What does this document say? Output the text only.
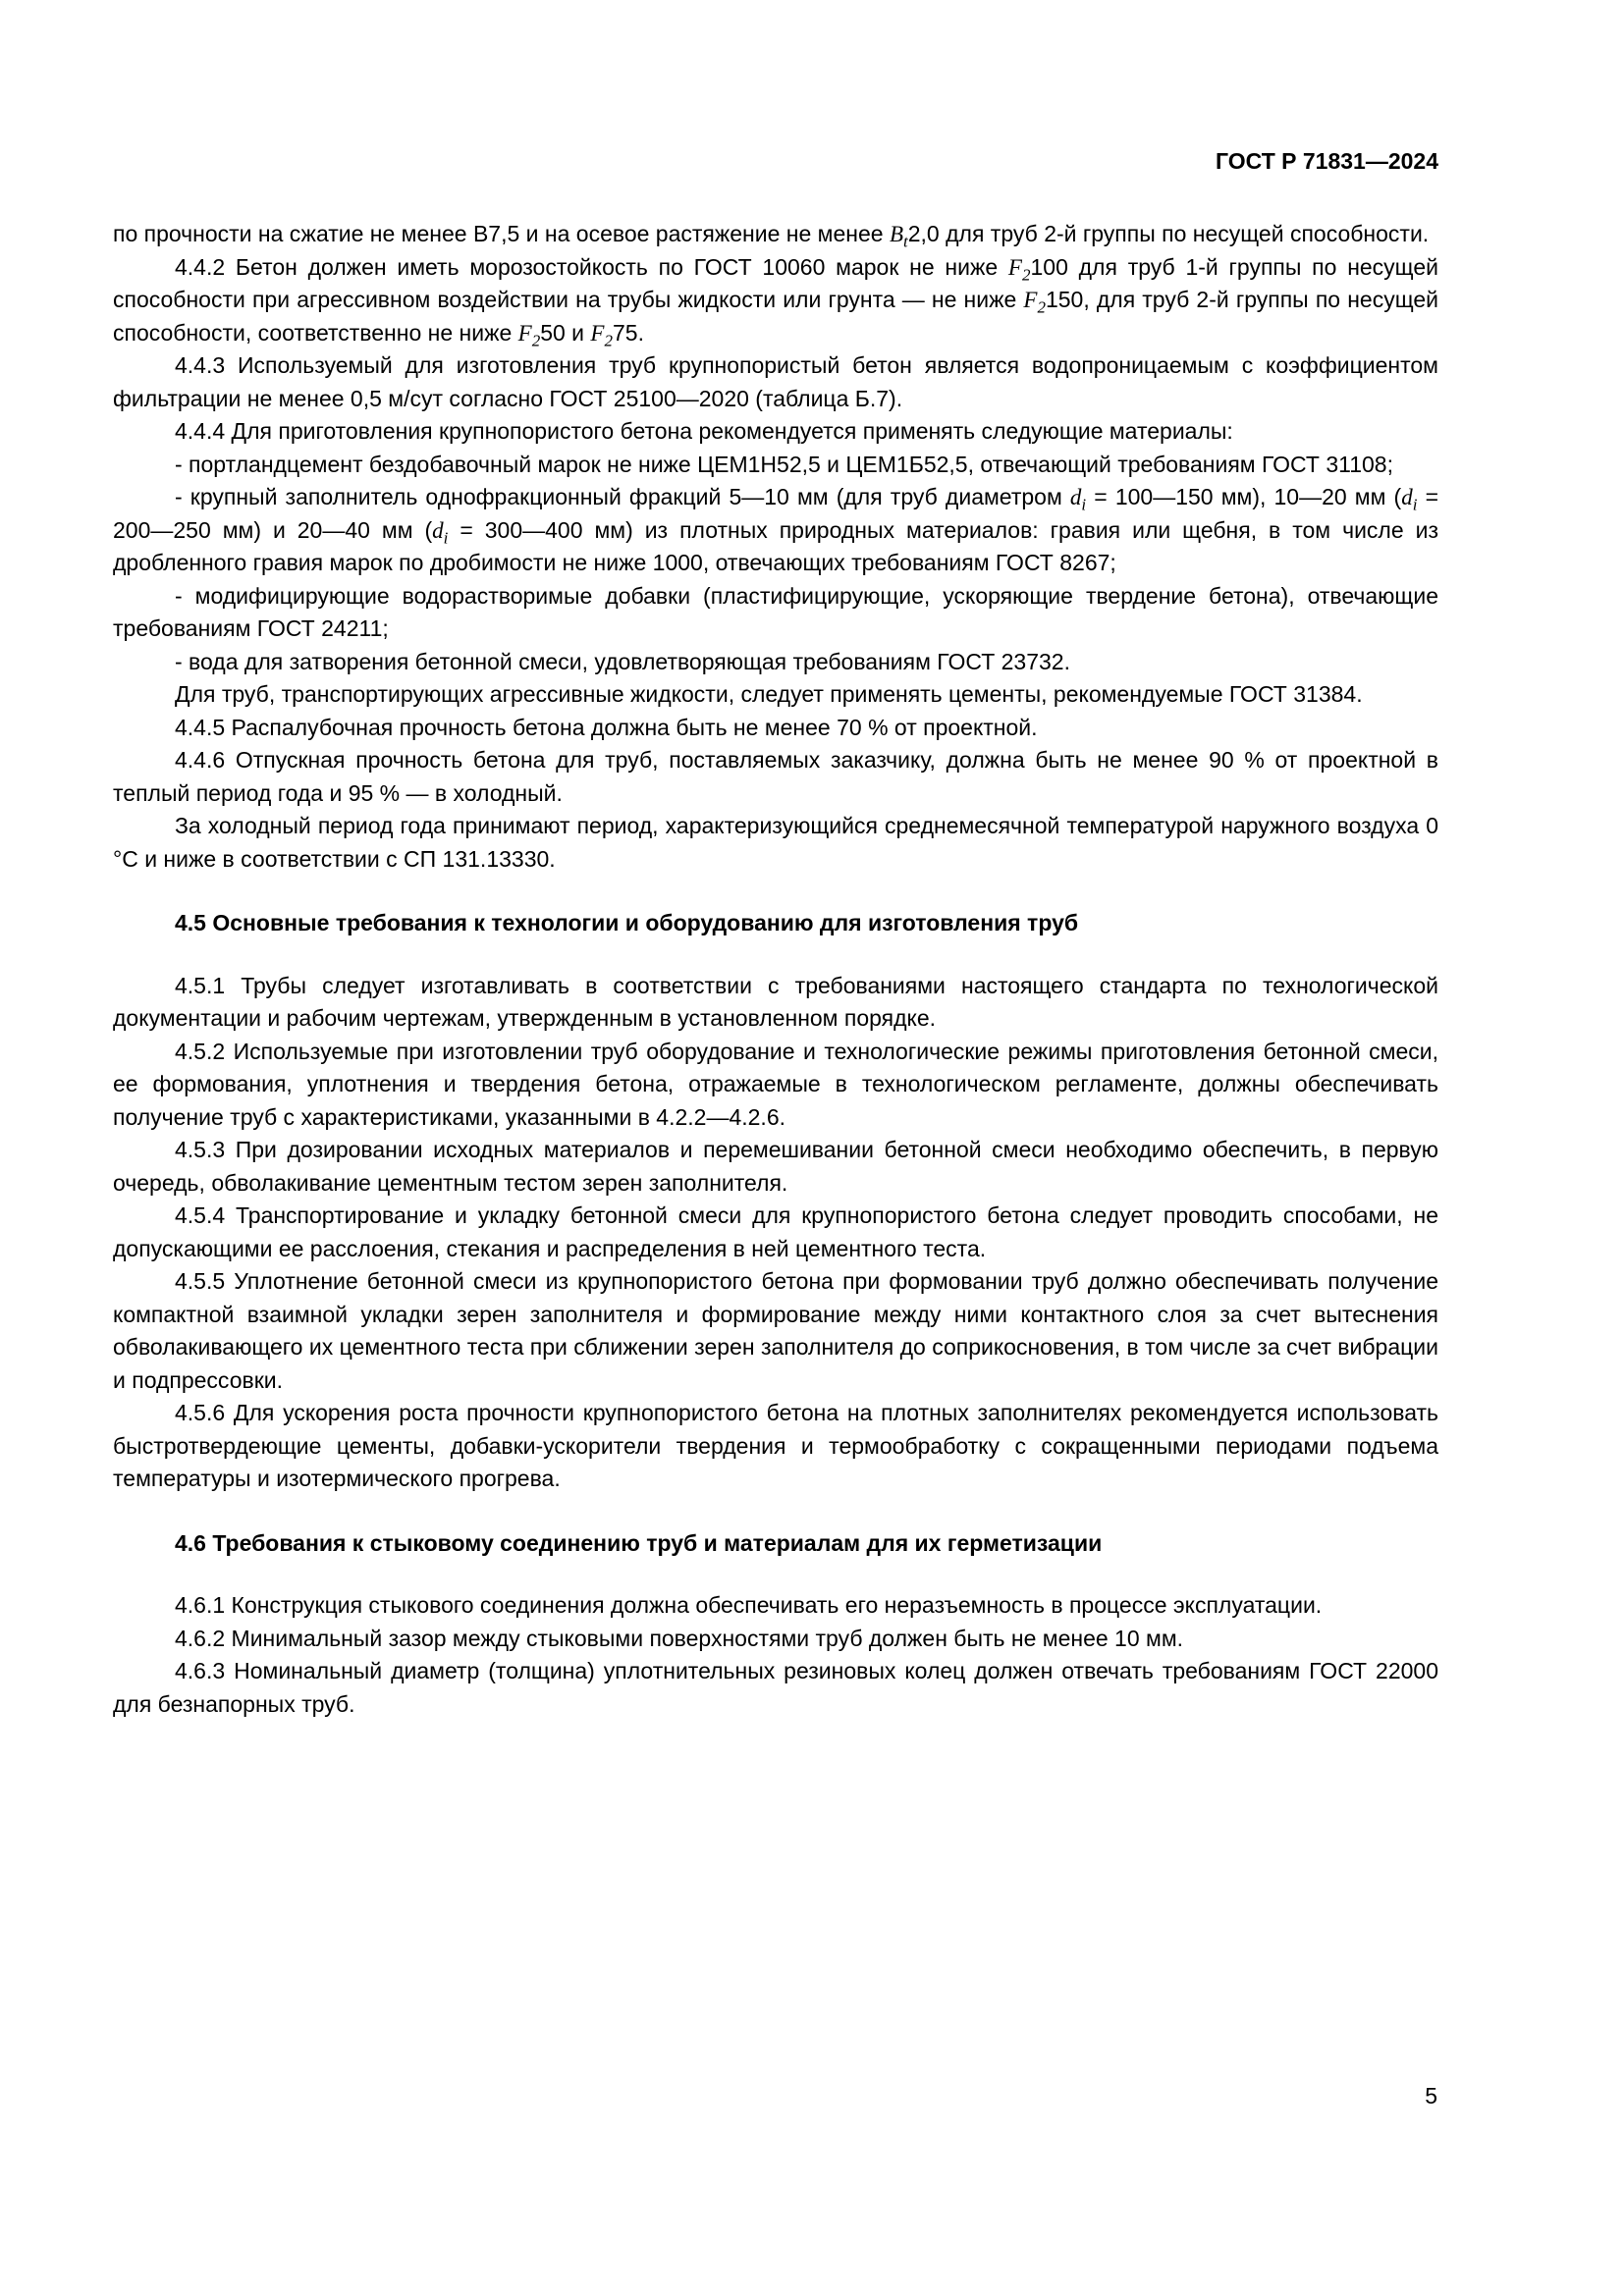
ГОСТ Р 71831—2024

по прочности на сжатие не менее В7,5 и на осевое растяжение не менее $B_t2,0$ для труб 2-й группы по несущей способности.

4.4.2 Бетон должен иметь морозостойкость по ГОСТ 10060 марок не ниже $F_2100$ для труб 1-й группы по несущей способности при агрессивном воздействии на трубы жидкости или грунта — не ниже $F_2150$, для труб 2-й группы по несущей способности, соответственно не ниже $F_250$ и $F_275$.

4.4.3 Используемый для изготовления труб крупнопористый бетон является водопроницаемым с коэффициентом фильтрации не менее 0,5 м/сут согласно ГОСТ 25100—2020 (таблица Б.7).

4.4.4 Для приготовления крупнопористого бетона рекомендуется применять следующие материалы:

- портландцемент бездобавочный марок не ниже ЦЕМ1Н52,5 и ЦЕМ1Б52,5, отвечающий требованиям ГОСТ 31108;

- крупный заполнитель однофракционный фракций 5—10 мм (для труб диаметром $d_i$ = 100—150 мм), 10—20 мм ($d_i$ = 200—250 мм) и 20—40 мм ($d_i$ = 300—400 мм) из плотных природных материалов: гравия или щебня, в том числе из дробленного гравия марок по дробимости не ниже 1000, отвечающих требованиям ГОСТ 8267;

- модифицирующие водорастворимые добавки (пластифицирующие, ускоряющие твердение бетона), отвечающие требованиям ГОСТ 24211;

- вода для затворения бетонной смеси, удовлетворяющая требованиям ГОСТ 23732.

Для труб, транспортирующих агрессивные жидкости, следует применять цементы, рекомендуемые ГОСТ 31384.

4.4.5 Распалубочная прочность бетона должна быть не менее 70 % от проектной.

4.4.6 Отпускная прочность бетона для труб, поставляемых заказчику, должна быть не менее 90 % от проектной в теплый период года и 95 % — в холодный.

За холодный период года принимают период, характеризующийся среднемесячной температурой наружного воздуха 0 °С и ниже в соответствии с СП 131.13330.

4.5 Основные требования к технологии и оборудованию для изготовления труб

4.5.1 Трубы следует изготавливать в соответствии с требованиями настоящего стандарта по технологической документации и рабочим чертежам, утвержденным в установленном порядке.

4.5.2 Используемые при изготовлении труб оборудование и технологические режимы приготовления бетонной смеси, ее формования, уплотнения и твердения бетона, отражаемые в технологическом регламенте, должны обеспечивать получение труб с характеристиками, указанными в 4.2.2—4.2.6.

4.5.3 При дозировании исходных материалов и перемешивании бетонной смеси необходимо обеспечить, в первую очередь, обволакивание цементным тестом зерен заполнителя.

4.5.4 Транспортирование и укладку бетонной смеси для крупнопористого бетона следует проводить способами, не допускающими ее расслоения, стекания и распределения в ней цементного теста.

4.5.5 Уплотнение бетонной смеси из крупнопористого бетона при формовании труб должно обеспечивать получение компактной взаимной укладки зерен заполнителя и формирование между ними контактного слоя за счет вытеснения обволакивающего их цементного теста при сближении зерен заполнителя до соприкосновения, в том числе за счет вибрации и подпрессовки.

4.5.6 Для ускорения роста прочности крупнопористого бетона на плотных заполнителях рекомендуется использовать быстротвердеющие цементы, добавки-ускорители твердения и термообработку с сокращенными периодами подъема температуры и изотермического прогрева.

4.6 Требования к стыковому соединению труб и материалам для их герметизации

4.6.1 Конструкция стыкового соединения должна обеспечивать его неразъемность в процессе эксплуатации.

4.6.2 Минимальный зазор между стыковыми поверхностями труб должен быть не менее 10 мм.

4.6.3 Номинальный диаметр (толщина) уплотнительных резиновых колец должен отвечать требованиям ГОСТ 22000 для безнапорных труб.

5
